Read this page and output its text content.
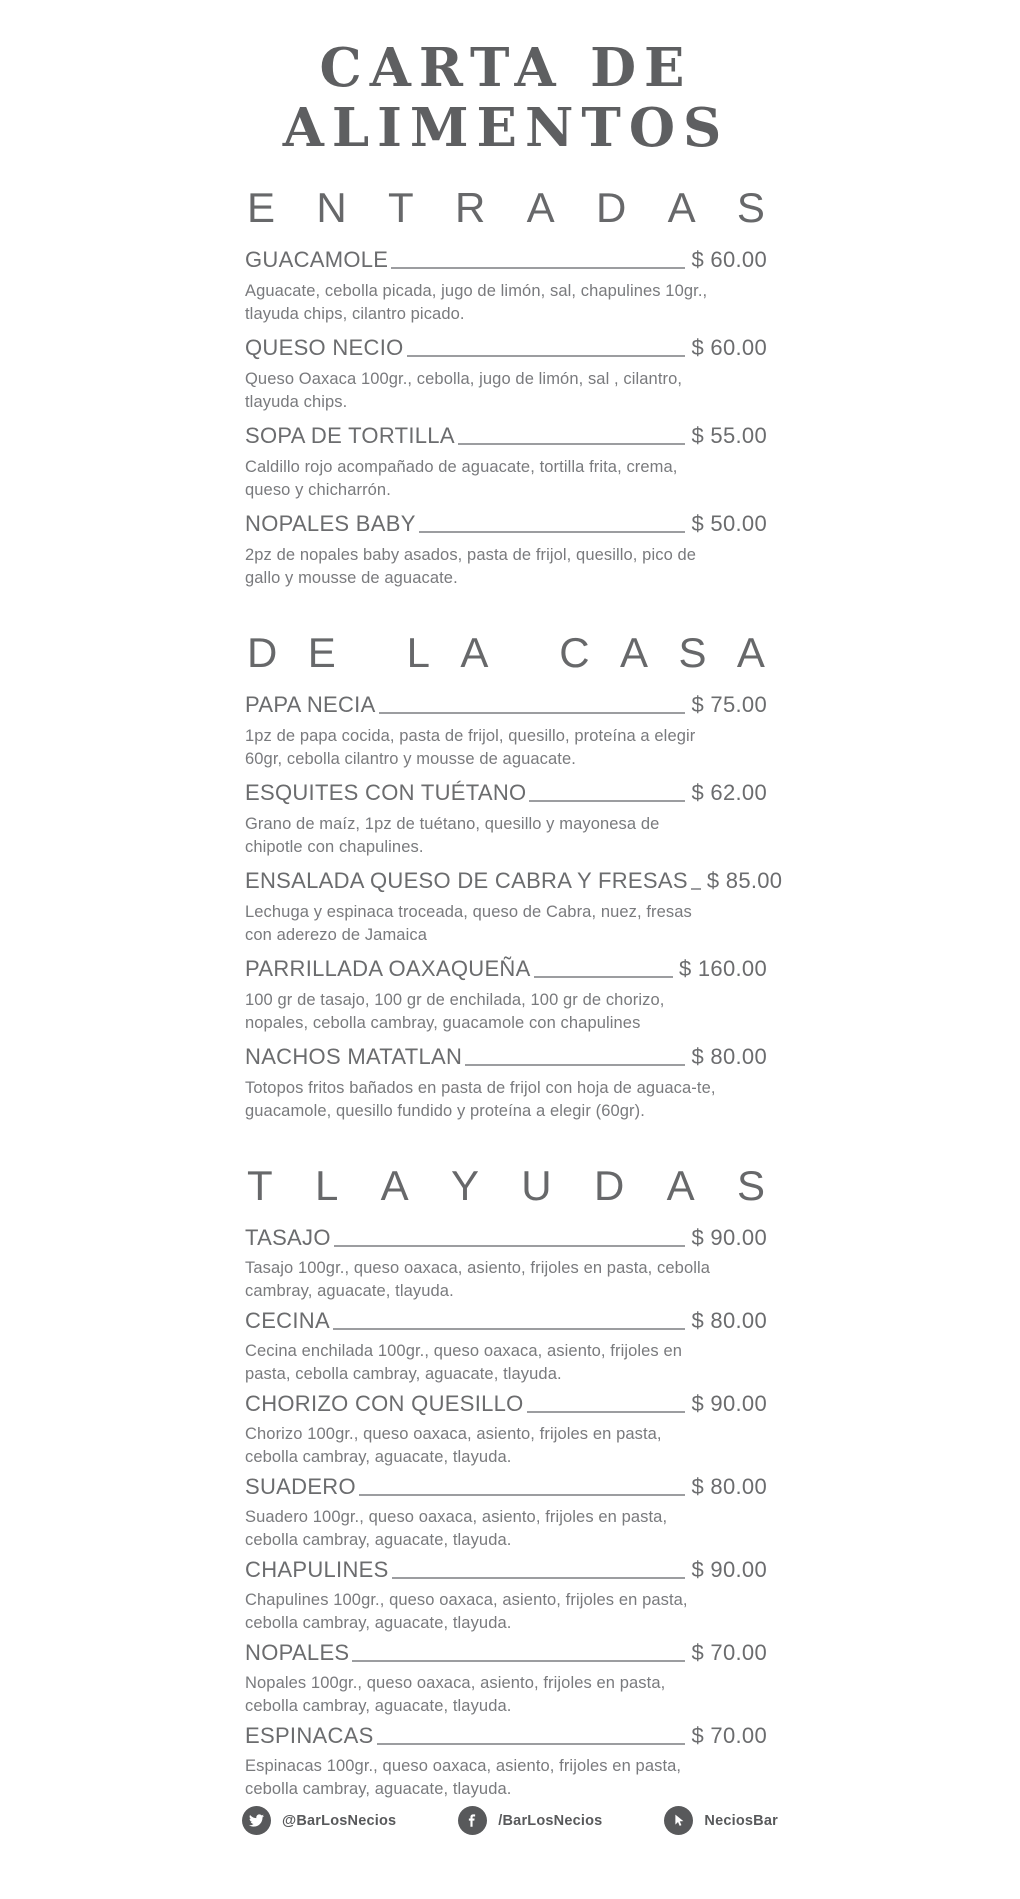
CARTA DE
ALIMENTOS
E N T R A D A S
GUACAMOLE	$ 60.00
Aguacate, cebolla picada, jugo de limón, sal, chapulines 10gr., tlayuda chips, cilantro picado.
QUESO NECIO	$ 60.00
Queso Oaxaca 100gr., cebolla, jugo de limón, sal , cilantro, tlayuda chips.
SOPA DE TORTILLA	$ 55.00
Caldillo rojo acompañado de aguacate, tortilla frita, crema, queso y chicharrón.
NOPALES BABY	$ 50.00
2pz de nopales baby asados, pasta de frijol, quesillo, pico de gallo y mousse de aguacate.
D E
L A
C A S A
PAPA NECIA	$ 75.00
1pz de papa cocida, pasta de frijol, quesillo, proteína a elegir 60gr, cebolla cilantro y mousse de aguacate.
ESQUITES CON TUÉTANO	$ 62.00
Grano de maíz, 1pz de tuétano, quesillo y mayonesa de chipotle con chapulines.
ENSALADA QUESO DE CABRA Y FRESAS $ 85.00
Lechuga y espinaca troceada, queso de Cabra, nuez, fresas con aderezo de Jamaica
PARRILLADA OAXAQUEÑA	$ 160.00
100 gr de tasajo, 100 gr de enchilada, 100 gr de chorizo, nopales, cebolla cambray, guacamole con chapulines
NACHOS MATATLAN	$ 80.00
Totopos fritos bañados en pasta de frijol con hoja de aguaca-te, guacamole, quesillo fundido y proteína a elegir (60gr).
T L A Y U D A S
TASAJO	$ 90.00
Tasajo 100gr., queso oaxaca, asiento, frijoles en pasta, cebolla cambray, aguacate, tlayuda.
CECINA	$ 80.00
Cecina enchilada 100gr., queso oaxaca, asiento, frijoles en pasta, cebolla cambray, aguacate, tlayuda.
CHORIZO CON QUESILLO	$ 90.00
Chorizo 100gr., queso oaxaca, asiento, frijoles en pasta, cebolla cambray, aguacate, tlayuda.
SUADERO	$ 80.00
Suadero 100gr., queso oaxaca, asiento, frijoles en pasta, cebolla cambray, aguacate, tlayuda.
CHAPULINES	$ 90.00
Chapulines 100gr., queso oaxaca, asiento, frijoles en pasta, cebolla cambray, aguacate, tlayuda.
NOPALES	$ 70.00
Nopales 100gr., queso oaxaca, asiento, frijoles en pasta, cebolla cambray, aguacate, tlayuda.
ESPINACAS	$ 70.00
Espinacas 100gr., queso oaxaca, asiento, frijoles en pasta, cebolla cambray, aguacate, tlayuda.
@BarLosNecios	/BarLosNecios	NeciosBar
